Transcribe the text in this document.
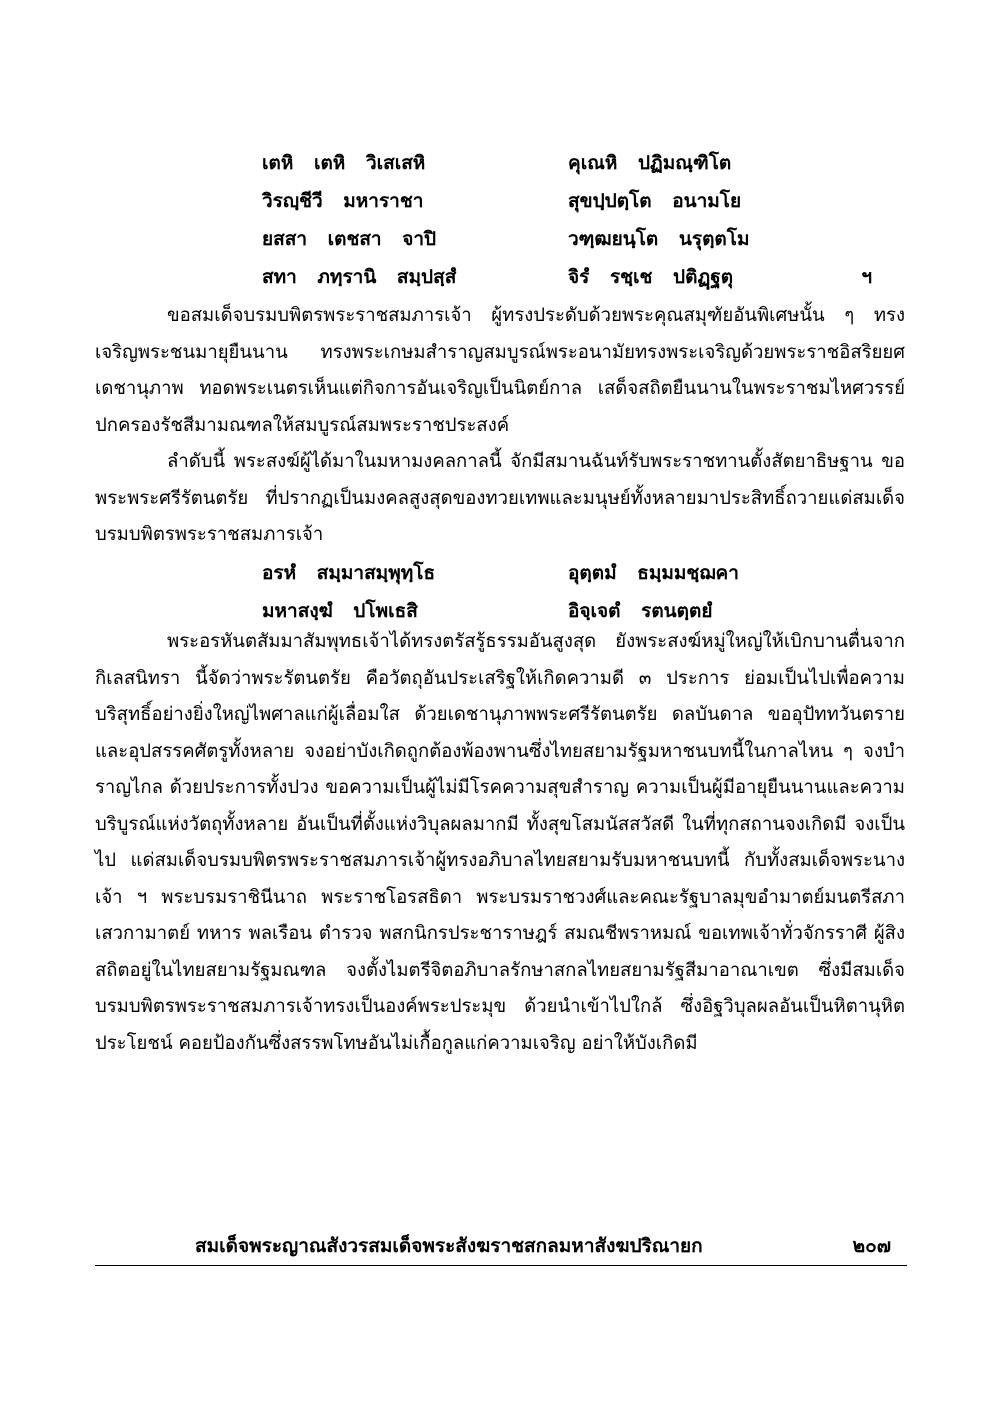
เตหิ เตหิ วิเสเสหิ	คุเณหิ ปฏิมณฺฑิโต
วิรญฺชีวี มหาราชา	สุขปฺปตฺโต อนามโย
ยสสา เตชสา จาปิ	วฑฺฒยนฺโต นรุตฺตโม
สทา ภทฺรานิ สมฺปสฺสํ	จิรํ รชฺเช ปติฏฺฐตุ	ฯ

ขอสมเด็จบรมบพิตรพระราชสมภารเจ้า ผู้ทรงประดับด้วยพระคุณสมุฑัยอันพิเศษนั้น ๆ ทรงเจริญพระชนมายุยืนนาน ทรงพระเกษมสำราญสมบูรณ์พระอนามัยทรงพระเจริญด้วยพระราชอิสริยยศเดชานุภาพ ทอดพระเนตรเห็นแต่กิจการอันเจริญเป็นนิตย์กาล เสด็จสถิตยืนนานในพระราชมไหศวรรย์ ปกครองรัชสีมามณฑลให้สมบูรณ์สมพระราชประสงค์

ลำดับนี้ พระสงฆ์ผู้ได้มาในมหามงคลกาลนี้ จักมีสมานฉันท์รับพระราชทานตั้งสัตยาธิษฐาน ขอพระพระศรีรัตนตรัย ที่ปรากฏเป็นมงคลสูงสุดของทวยเทพและมนุษย์ทั้งหลายมาประสิทธิ์ถวายแด่สมเด็จบรมบพิตรพระราชสมภารเจ้า

อรหํ สมฺมาสมฺพุทฺโธ	อุตฺตมํ ธมฺมมชฺฌคา
มหาสงฺฆํ ปโพเธสิ	อิจฺเจตํ รตนตฺตยํ

พระอรหันตสัมมาสัมพุทธเจ้าได้ทรงตรัสรู้ธรรมอันสูงสุด ยังพระสงฆ์หมู่ใหญ่ให้เบิกบานตื่นจากกิเลสนิทรา นี้จัดว่าพระรัตนตรัย คือวัตถุอันประเสริฐให้เกิดความดี ๓ ประการ ย่อมเป็นไปเพื่อความบริสุทธิ์อย่างยิ่งใหญ่ไพศาลแก่ผู้เลื่อมใส ด้วยเดชานุภาพพระศรีรัตนตรัย ดลบันดาล ขออุปัททวันตรายและอุปสรรคศัตรูทั้งหลาย จงอย่าบังเกิดถูกต้องพ้องพานซึ่งไทยสยามรัฐมหาชนบทนี้ในกาลไหน ๆ จงบำราญไกล ด้วยประการทั้งปวง ขอความเป็นผู้ไม่มีโรคความสุขสำราญ ความเป็นผู้มีอายุยืนนานและความบริบูรณ์แห่งวัตถุทั้งหลาย อันเป็นที่ตั้งแห่งวิบุลผลมากมี ทั้งสุขโสมนัสสวัสดี ในที่ทุกสถานจงเกิดมี จงเป็นไป แด่สมเด็จบรมบพิตรพระราชสมภารเจ้าผู้ทรงอภิบาลไทยสยามรับมหาชนบทนี้ กับทั้งสมเด็จพระนางเจ้า ฯ พระบรมราชินีนาถ พระราชโอรสธิดา พระบรมราชวงศ์และคณะรัฐบาลมุขอำมาตย์มนตรีสภาเสวกามาตย์ ทหาร พลเรือน ตำรวจ พสกนิกรประชาราษฎร์ สมณชีพราหมณ์ ขอเทพเจ้าทั่วจักรราศี ผู้สิงสถิตอยู่ในไทยสยามรัฐมณฑล จงตั้งไมตรีจิตอภิบาลรักษาสกลไทยสยามรัฐสีมาอาณาเขต ซึ่งมีสมเด็จบรมบพิตรพระราชสมภารเจ้าทรงเป็นองค์พระประมุข ด้วยนำเข้าไปใกล้ ซึ่งอิฐวิบุลผลอันเป็นหิตานุหิตประโยชน์ คอยป้องกันซึ่งสรรพโทษอันไม่เกื้อกูลแก่ความเจริญ อย่าให้บังเกิดมี

สมเด็จพระญาณสังวรสมเด็จพระสังฆราชสกลมหาสังฆปริณายก	๒๐๗
